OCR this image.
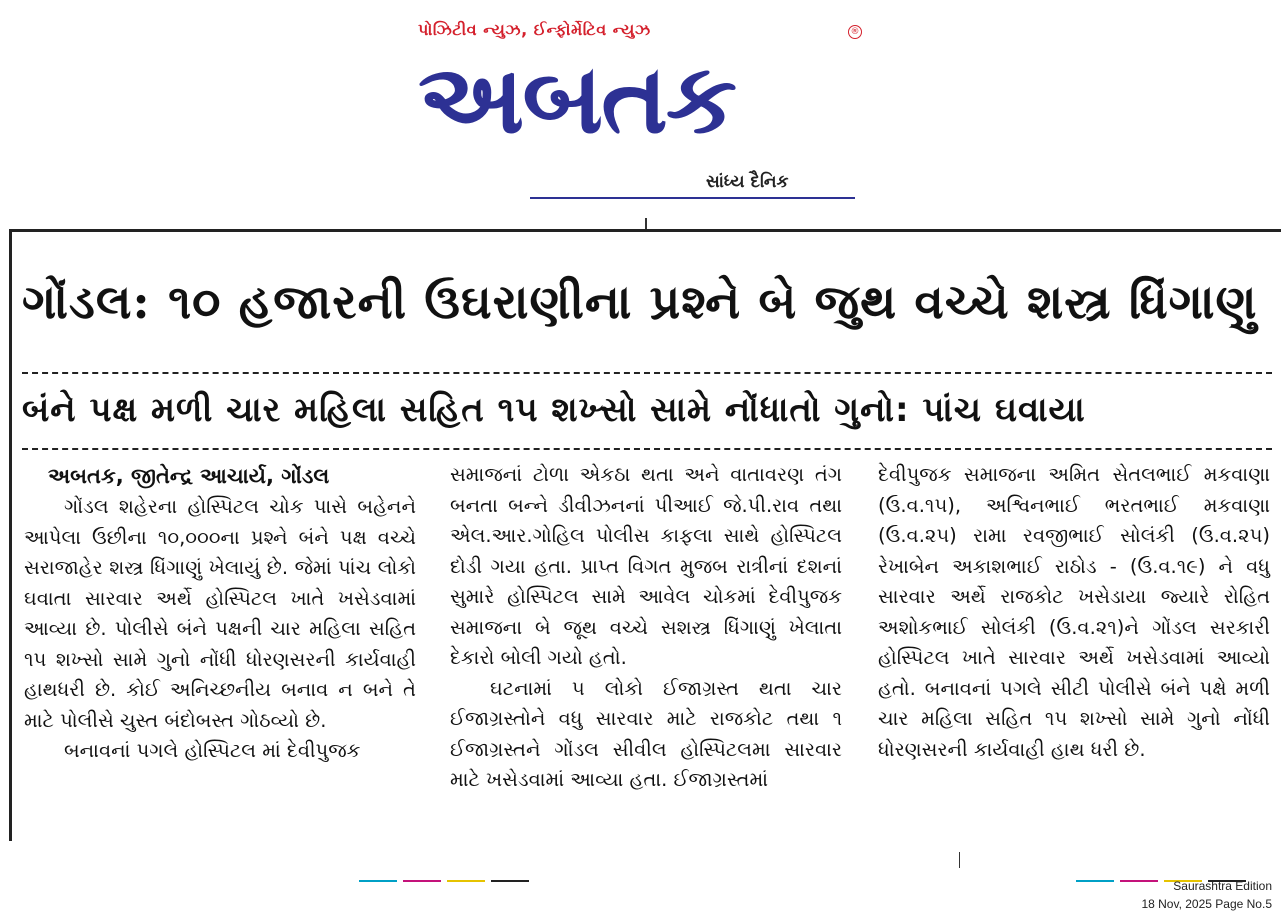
પોઝિટીવ ન્યુઝ, ઈન્ફોર્મેટિવ ન્યુઝ	®
અબતક
સાંધ્ય દૈનિક
ગોંડલ: ૧૦ હજારની ઉઘરાણીના પ્રશ્ને બે જુથ વચ્ચે શસ્ત્ર ધિંગાણુ
બંને પક્ષ મળી ચાર મહિલા સહિત ૧૫ શખ્સો સામે નોંધાતો ગુનો: પાંચ ઘવાયા
અબતક, જીતેન્દ્ર આચાર્ય, ગોંડલ

ગોંડલ શહેરના હોસ્પિટલ ચોક પાસે બહેનને આપેલા ઉછીના ૧૦,૦૦૦ના પ્રશ્ને બંને પક્ષ વચ્ચે સરાજાહેર શસ્ત્ર ધિંગાણું ખેલાયું છે. જેમાં પાંચ લોકો ઘવાતા સારવાર અર્થે હોસ્પિટલ ખાતે ખસેડવામાં આવ્યા છે. પોલીસે બંને પક્ષની ચાર મહિલા સહિત ૧૫ શખ્સો સામે ગુનો નોંધી ધોરણસરની કાર્યવાહી હાથધરી છે. કોઈ અનિચ્છનીય બનાવ ન બને તે માટે પોલીસે ચુસ્ત બંદોબસ્ત ગોઠવ્યો છે.

બનાવનાં પગલે હોસ્પિટલ માં દેવીપુજક

સમાજનાં ટોળા એકઠા થતા અને વાતાવરણ તંગ બનતા બન્ને ડીવીઝનનાં પીઆઈ જે.પી.રાવ તથા એલ.આર.ગોહિલ પોલીસ કાફલા સાથે હોસ્પિટલ દોડી ગયા હતા. પ્રાપ્ત વિગત મુજબ રાત્રીનાં દશનાં સુમારે હોસ્પિટલ સામે આવેલ ચોકમાં દેવીપુજક સમાજના બે જૂથ વચ્ચે સશસ્ત્ર ધિંગાણું ખેલાતા દેકારો બોલી ગયો હતો.

ઘટનામાં ૫ લોકો ઈજાગ્રસ્ત થતા ચાર ઈજાગ્રસ્તોને વધુ સારવાર માટે રાજકોટ તથા ૧ ઈજાગ્રસ્તને ગોંડલ સીવીલ હોસ્પિટલમા સારવાર માટે ખસેડવામાં આવ્યા હતા. ઈજાગ્રસ્તમાં

દેવીપુજક સમાજના અમિત સેતલભાઈ મકવાણા (ઉ.વ.૧૫), અશ્વિનભાઈ ભરતભાઈ મકવાણા (ઉ.વ.૨૫) રામા રવજીભાઈ સોલંકી (ઉ.વ.૨૫) રેખાબેન અકાશભાઈ રાઠોડ - (ઉ.વ.૧૯) ને વધુ સારવાર અર્થે રાજકોટ ખસેડાયા જ્યારે રોહિત અશોકભાઈ સોલંકી (ઉ.વ.૨૧)ને ગોંડલ સરકારી હોસ્પિટલ ખાતે સારવાર અર્થે ખસેડવામાં આવ્યો હતો. બનાવનાં પગલે સીટી પોલીસે બંને પક્ષે મળી ચાર મહિલા સહિત ૧૫ શખ્સો સામે ગુનો નોંધી ધોરણસરની કાર્યવાહી હાથ ધરી છે.

Saurashtra Edition
18 Nov, 2025 Page No.5
